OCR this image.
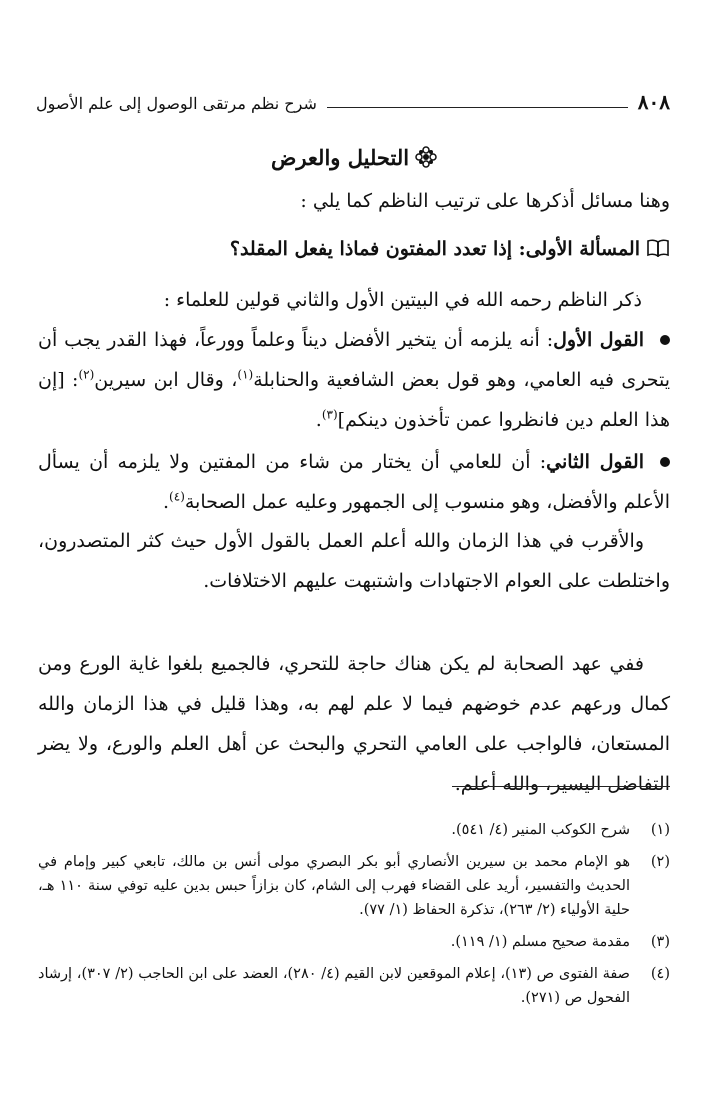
شرح نظم مرتقى الوصول إلى علم الأصول	٨٠٨
التحليل والعرض
وهنا مسائل أذكرها على ترتيب الناظم كما يلي :
المسألة الأولى: إذا تعدد المفتون فماذا يفعل المقلد؟
ذكر الناظم رحمه الله في البيتين الأول والثاني قولين للعلماء :
القول الأول: أنه يلزمه أن يتخير الأفضل ديناً وعلماً وورعاً، فهذا القدر يجب أن يتحرى فيه العامي، وهو قول بعض الشافعية والحنابلة$^{(١)}$، وقال ابن سيرين$^{(٢)}$: [إن هذا العلم دين فانظروا عمن تأخذون دينكم]$^{(٣)}$.
القول الثاني: أن للعامي أن يختار من شاء من المفتين ولا يلزمه أن يسأل الأعلم والأفضل، وهو منسوب إلى الجمهور وعليه عمل الصحابة$^{(٤)}$.
والأقرب في هذا الزمان والله أعلم العمل بالقول الأول حيث كثر المتصدرون، واختلطت على العوام الاجتهادات واشتبهت عليهم الاختلافات.
ففي عهد الصحابة لم يكن هناك حاجة للتحري، فالجميع بلغوا غاية الورع ومن كمال ورعهم عدم خوضهم فيما لا علم لهم به، وهذا قليل في هذا الزمان والله المستعان، فالواجب على العامي التحري والبحث عن أهل العلم والورع، ولا يضر التفاضل اليسير، والله أعلم.
(١)
شرح الكوكب المنير (٤/ ٥٤١).
(٢)
هو الإمام محمد بن سيرين الأنصاري أبو بكر البصري مولى أنس بن مالك، تابعي كبير وإمام في الحديث والتفسير، أريد على القضاء فهرب إلى الشام، كان بزازاً حبس بدين عليه توفي سنة ١١٠ هـ، حلية الأولياء (٢/ ٢٦٣)، تذكرة الحفاظ (١/ ٧٧).
(٣)
مقدمة صحيح مسلم (١/ ١١٩).
(٤)
صفة الفتوى ص (١٣)، إعلام الموقعين لابن القيم (٤/ ٢٨٠)، العضد على ابن الحاجب (٢/ ٣٠٧)، إرشاد الفحول ص (٢٧١).
